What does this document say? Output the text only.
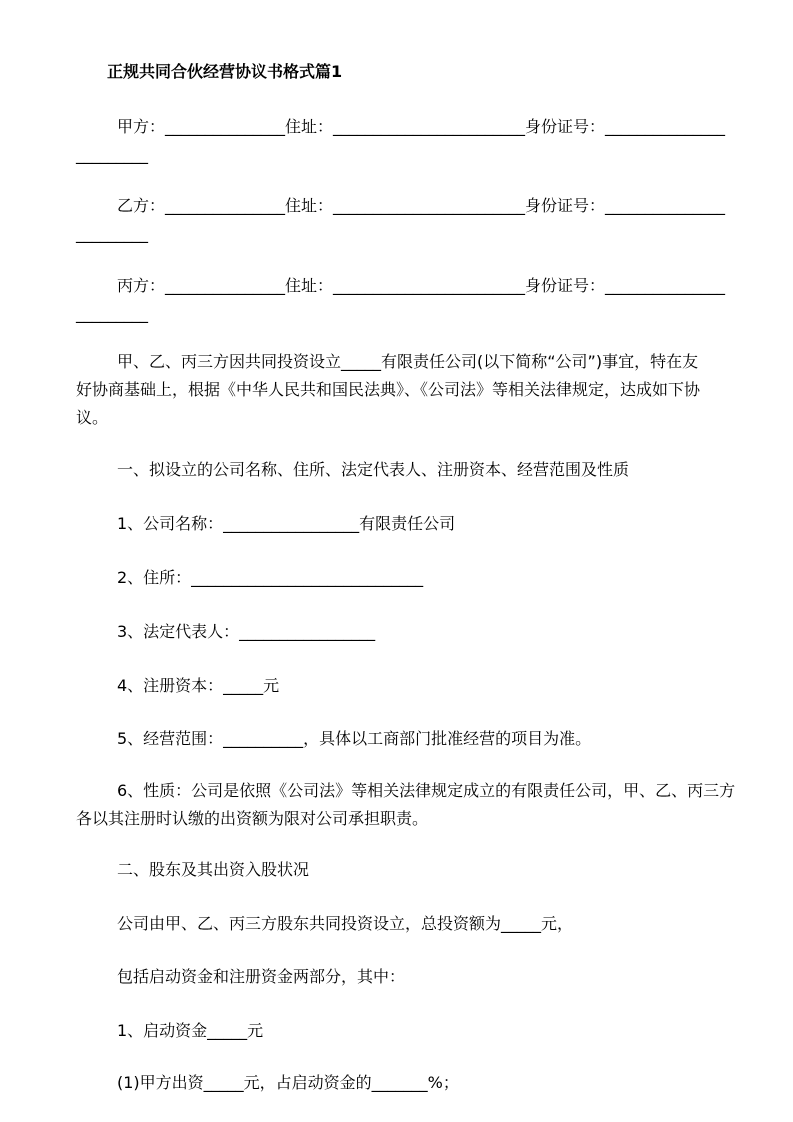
正规共同合伙经营协议书格式篇1
甲方：_______________住址：________________________身份证号：_______________
_________
乙方：_______________住址：________________________身份证号：_______________
_________
丙方：_______________住址：________________________身份证号：_______________
_________
甲、乙、丙三方因共同投资设立_____有限责任公司(以下简称“公司”)事宜，特在友
好协商基础上，根据《中华人民共和国民法典》、《公司法》等相关法律规定，达成如下协
议。
一、拟设立的公司名称、住所、法定代表人、注册资本、经营范围及性质
1、公司名称：_________________有限责任公司
2、住所：_____________________________
3、法定代表人：_________________
4、注册资本：_____元
5、经营范围：__________，具体以工商部门批准经营的项目为准。
6、性质：公司是依照《公司法》等相关法律规定成立的有限责任公司，甲、乙、丙三方
各以其注册时认缴的出资额为限对公司承担职责。
二、股东及其出资入股状况
公司由甲、乙、丙三方股东共同投资设立，总投资额为_____元，
包括启动资金和注册资金两部分，其中：
1、启动资金_____元
(1)甲方出资_____元，占启动资金的_______%；
